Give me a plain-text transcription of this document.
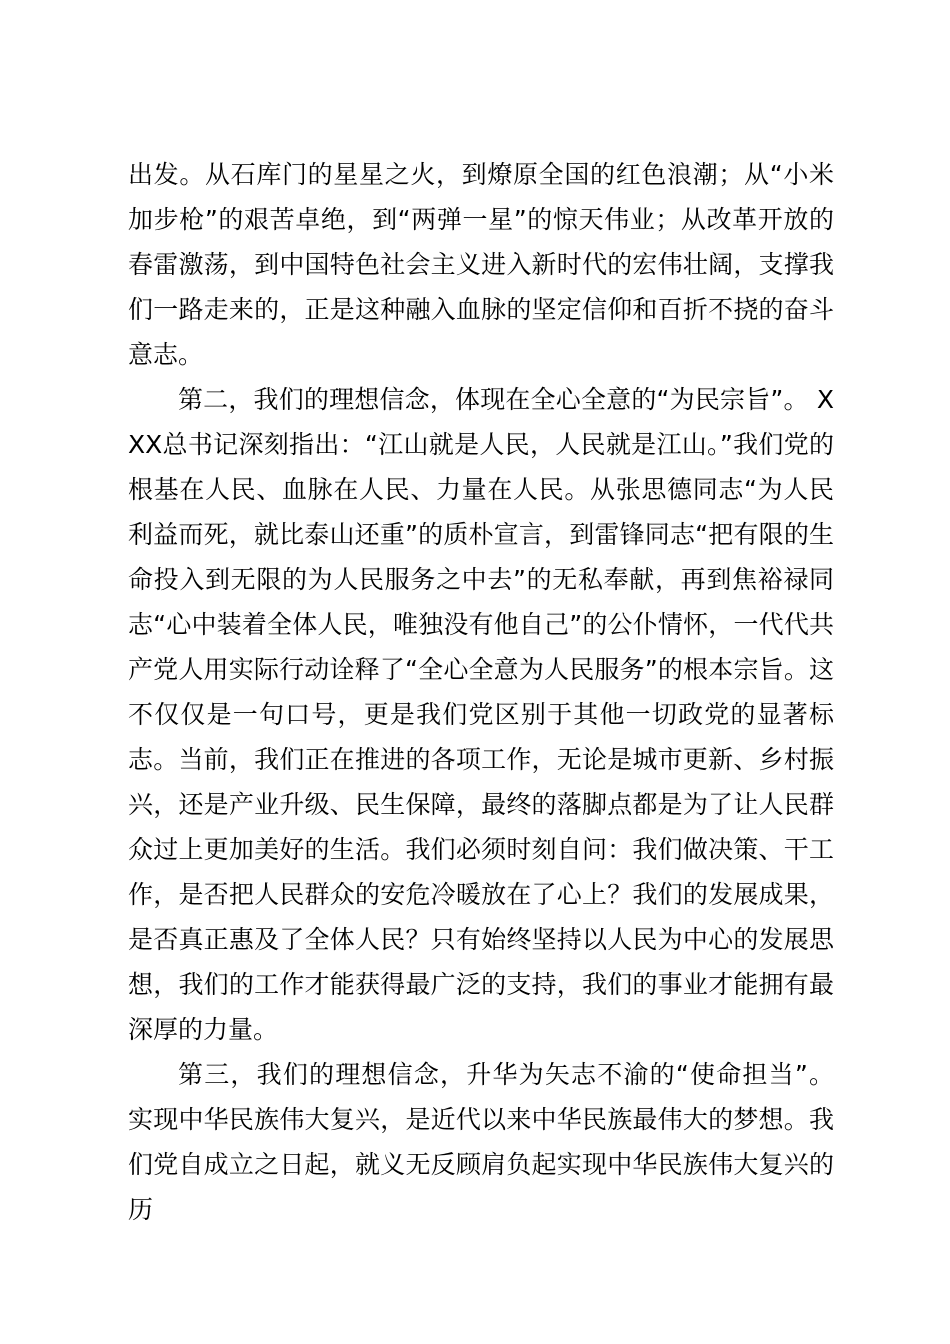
出发。从石库门的星星之火，到燎原全国的红色浪潮；从“小米加步枪”的艰苦卓绝，到“两弹一星”的惊天伟业；从改革开放的春雷激荡，到中国特色社会主义进入新时代的宏伟壮阔，支撑我们一路走来的，正是这种融入血脉的坚定信仰和百折不挠的奋斗意志。

第二，我们的理想信念，体现在全心全意的“为民宗旨”。 XXX总书记深刻指出：“江山就是人民，人民就是江山。”我们党的根基在人民、血脉在人民、力量在人民。从张思德同志“为人民利益而死，就比泰山还重”的质朴宣言，到雷锋同志“把有限的生命投入到无限的为人民服务之中去”的无私奉献，再到焦裕禄同志“心中装着全体人民，唯独没有他自己”的公仆情怀，一代代共产党人用实际行动诠释了“全心全意为人民服务”的根本宗旨。这不仅仅是一句口号，更是我们党区别于其他一切政党的显著标志。当前，我们正在推进的各项工作，无论是城市更新、乡村振兴，还是产业升级、民生保障，最终的落脚点都是为了让人民群众过上更加美好的生活。我们必须时刻自问：我们做决策、干工作，是否把人民群众的安危冷暖放在了心上？我们的发展成果，是否真正惠及了全体人民？只有始终坚持以人民为中心的发展思想，我们的工作才能获得最广泛的支持，我们的事业才能拥有最深厚的力量。

第三，我们的理想信念，升华为矢志不渝的“使命担当”。 实现中华民族伟大复兴，是近代以来中华民族最伟大的梦想。我们党自成立之日起，就义无反顾肩负起实现中华民族伟大复兴的历
